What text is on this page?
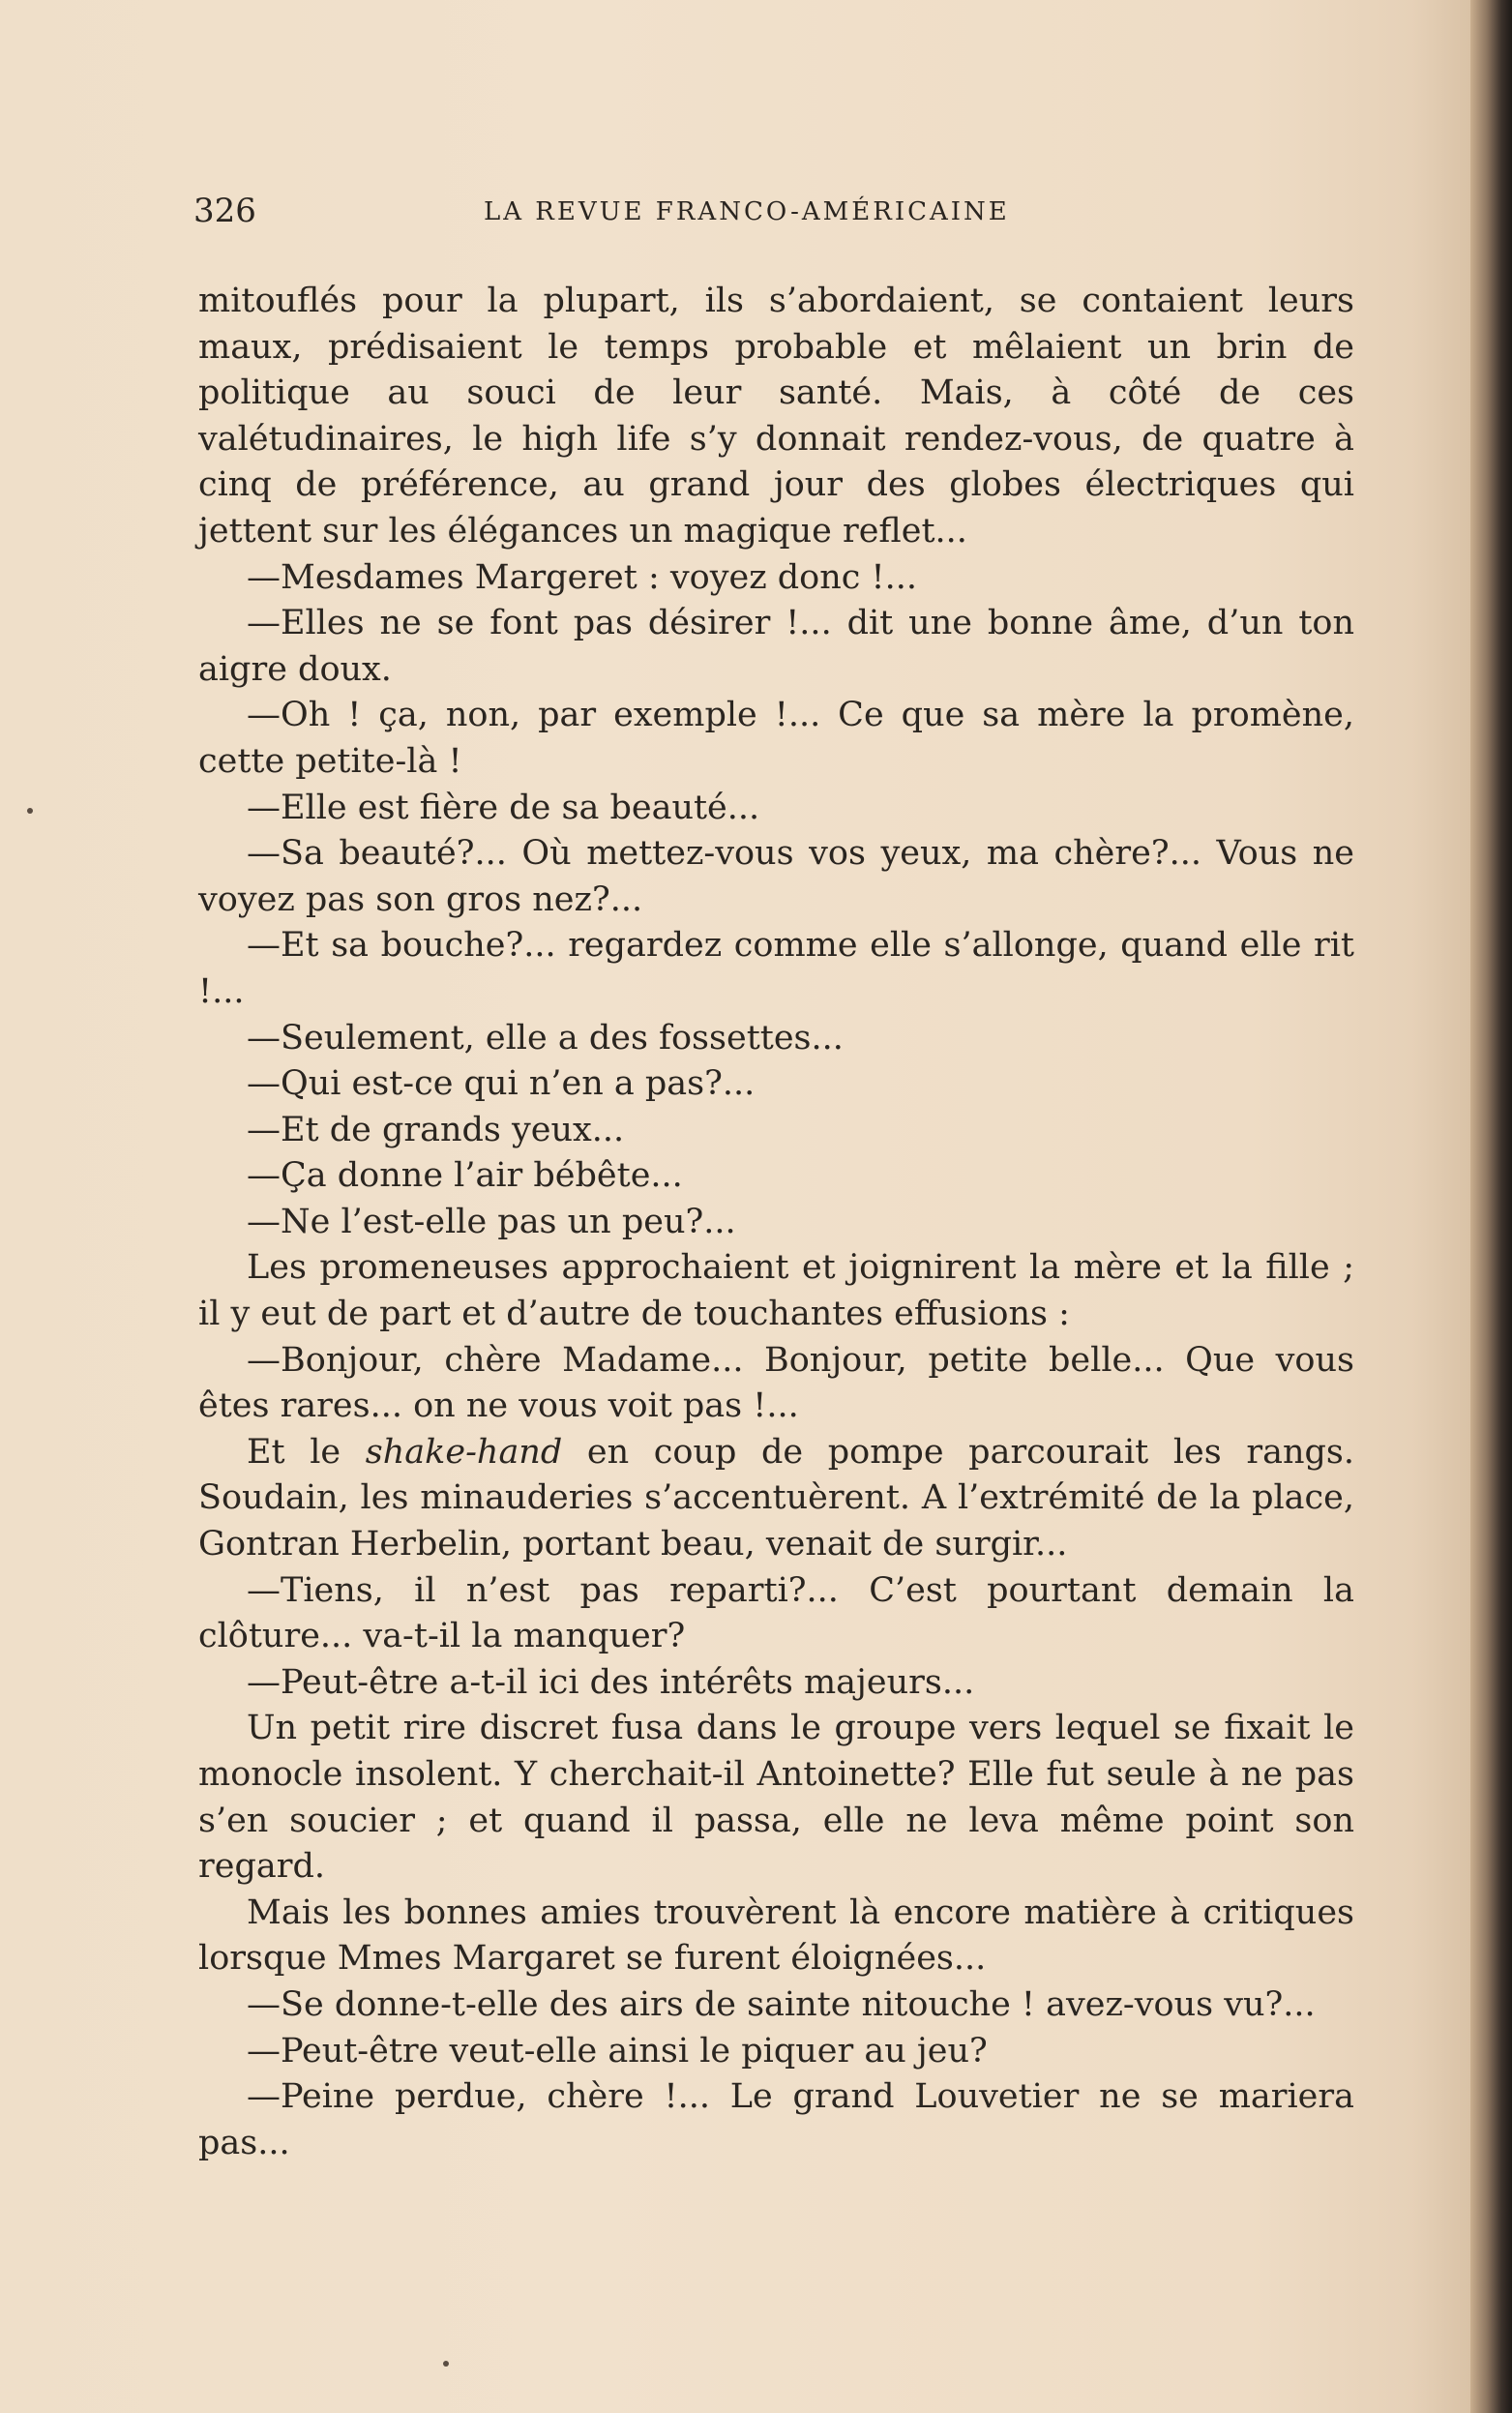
326	LA REVUE FRANCO-AMÉRICAINE

mitouflés pour la plupart, ils s’abordaient, se contaient leurs maux, prédisaient le temps probable et mêlaient un brin de politique au souci de leur santé. Mais, à côté de ces valétudinaires, le high life s’y donnait rendez-vous, de quatre à cinq de préférence, au grand jour des globes électriques qui jettent sur les élégances un magique reflet...

—Mesdames Margeret : voyez donc !...

—Elles ne se font pas désirer !... dit une bonne âme, d’un ton aigre doux.

—Oh ! ça, non, par exemple !... Ce que sa mère la promène, cette petite-là !

—Elle est fière de sa beauté...

—Sa beauté?... Où mettez-vous vos yeux, ma chère?... Vous ne voyez pas son gros nez?...

—Et sa bouche?... regardez comme elle s’allonge, quand elle rit !...

—Seulement, elle a des fossettes...

—Qui est-ce qui n’en a pas?...

—Et de grands yeux...

—Ça donne l’air bébête...

—Ne l’est-elle pas un peu?...

Les promeneuses approchaient et joignirent la mère et la fille ; il y eut de part et d’autre de touchantes effusions :

—Bonjour, chère Madame... Bonjour, petite belle... Que vous êtes rares... on ne vous voit pas !...

Et le shake-hand en coup de pompe parcourait les rangs. Soudain, les minauderies s’accentuèrent. A l’extrémité de la place, Gontran Herbelin, portant beau, venait de surgir...

—Tiens, il n’est pas reparti?... C’est pourtant demain la clôture... va-t-il la manquer?

—Peut-être a-t-il ici des intérêts majeurs...

Un petit rire discret fusa dans le groupe vers lequel se fixait le monocle insolent. Y cherchait-il Antoinette? Elle fut seule à ne pas s’en soucier ; et quand il passa, elle ne leva même point son regard.

Mais les bonnes amies trouvèrent là encore matière à critiques lorsque Mmes Margaret se furent éloignées...

—Se donne-t-elle des airs de sainte nitouche ! avez-vous vu?...

—Peut-être veut-elle ainsi le piquer au jeu?

—Peine perdue, chère !... Le grand Louvetier ne se mariera pas...
